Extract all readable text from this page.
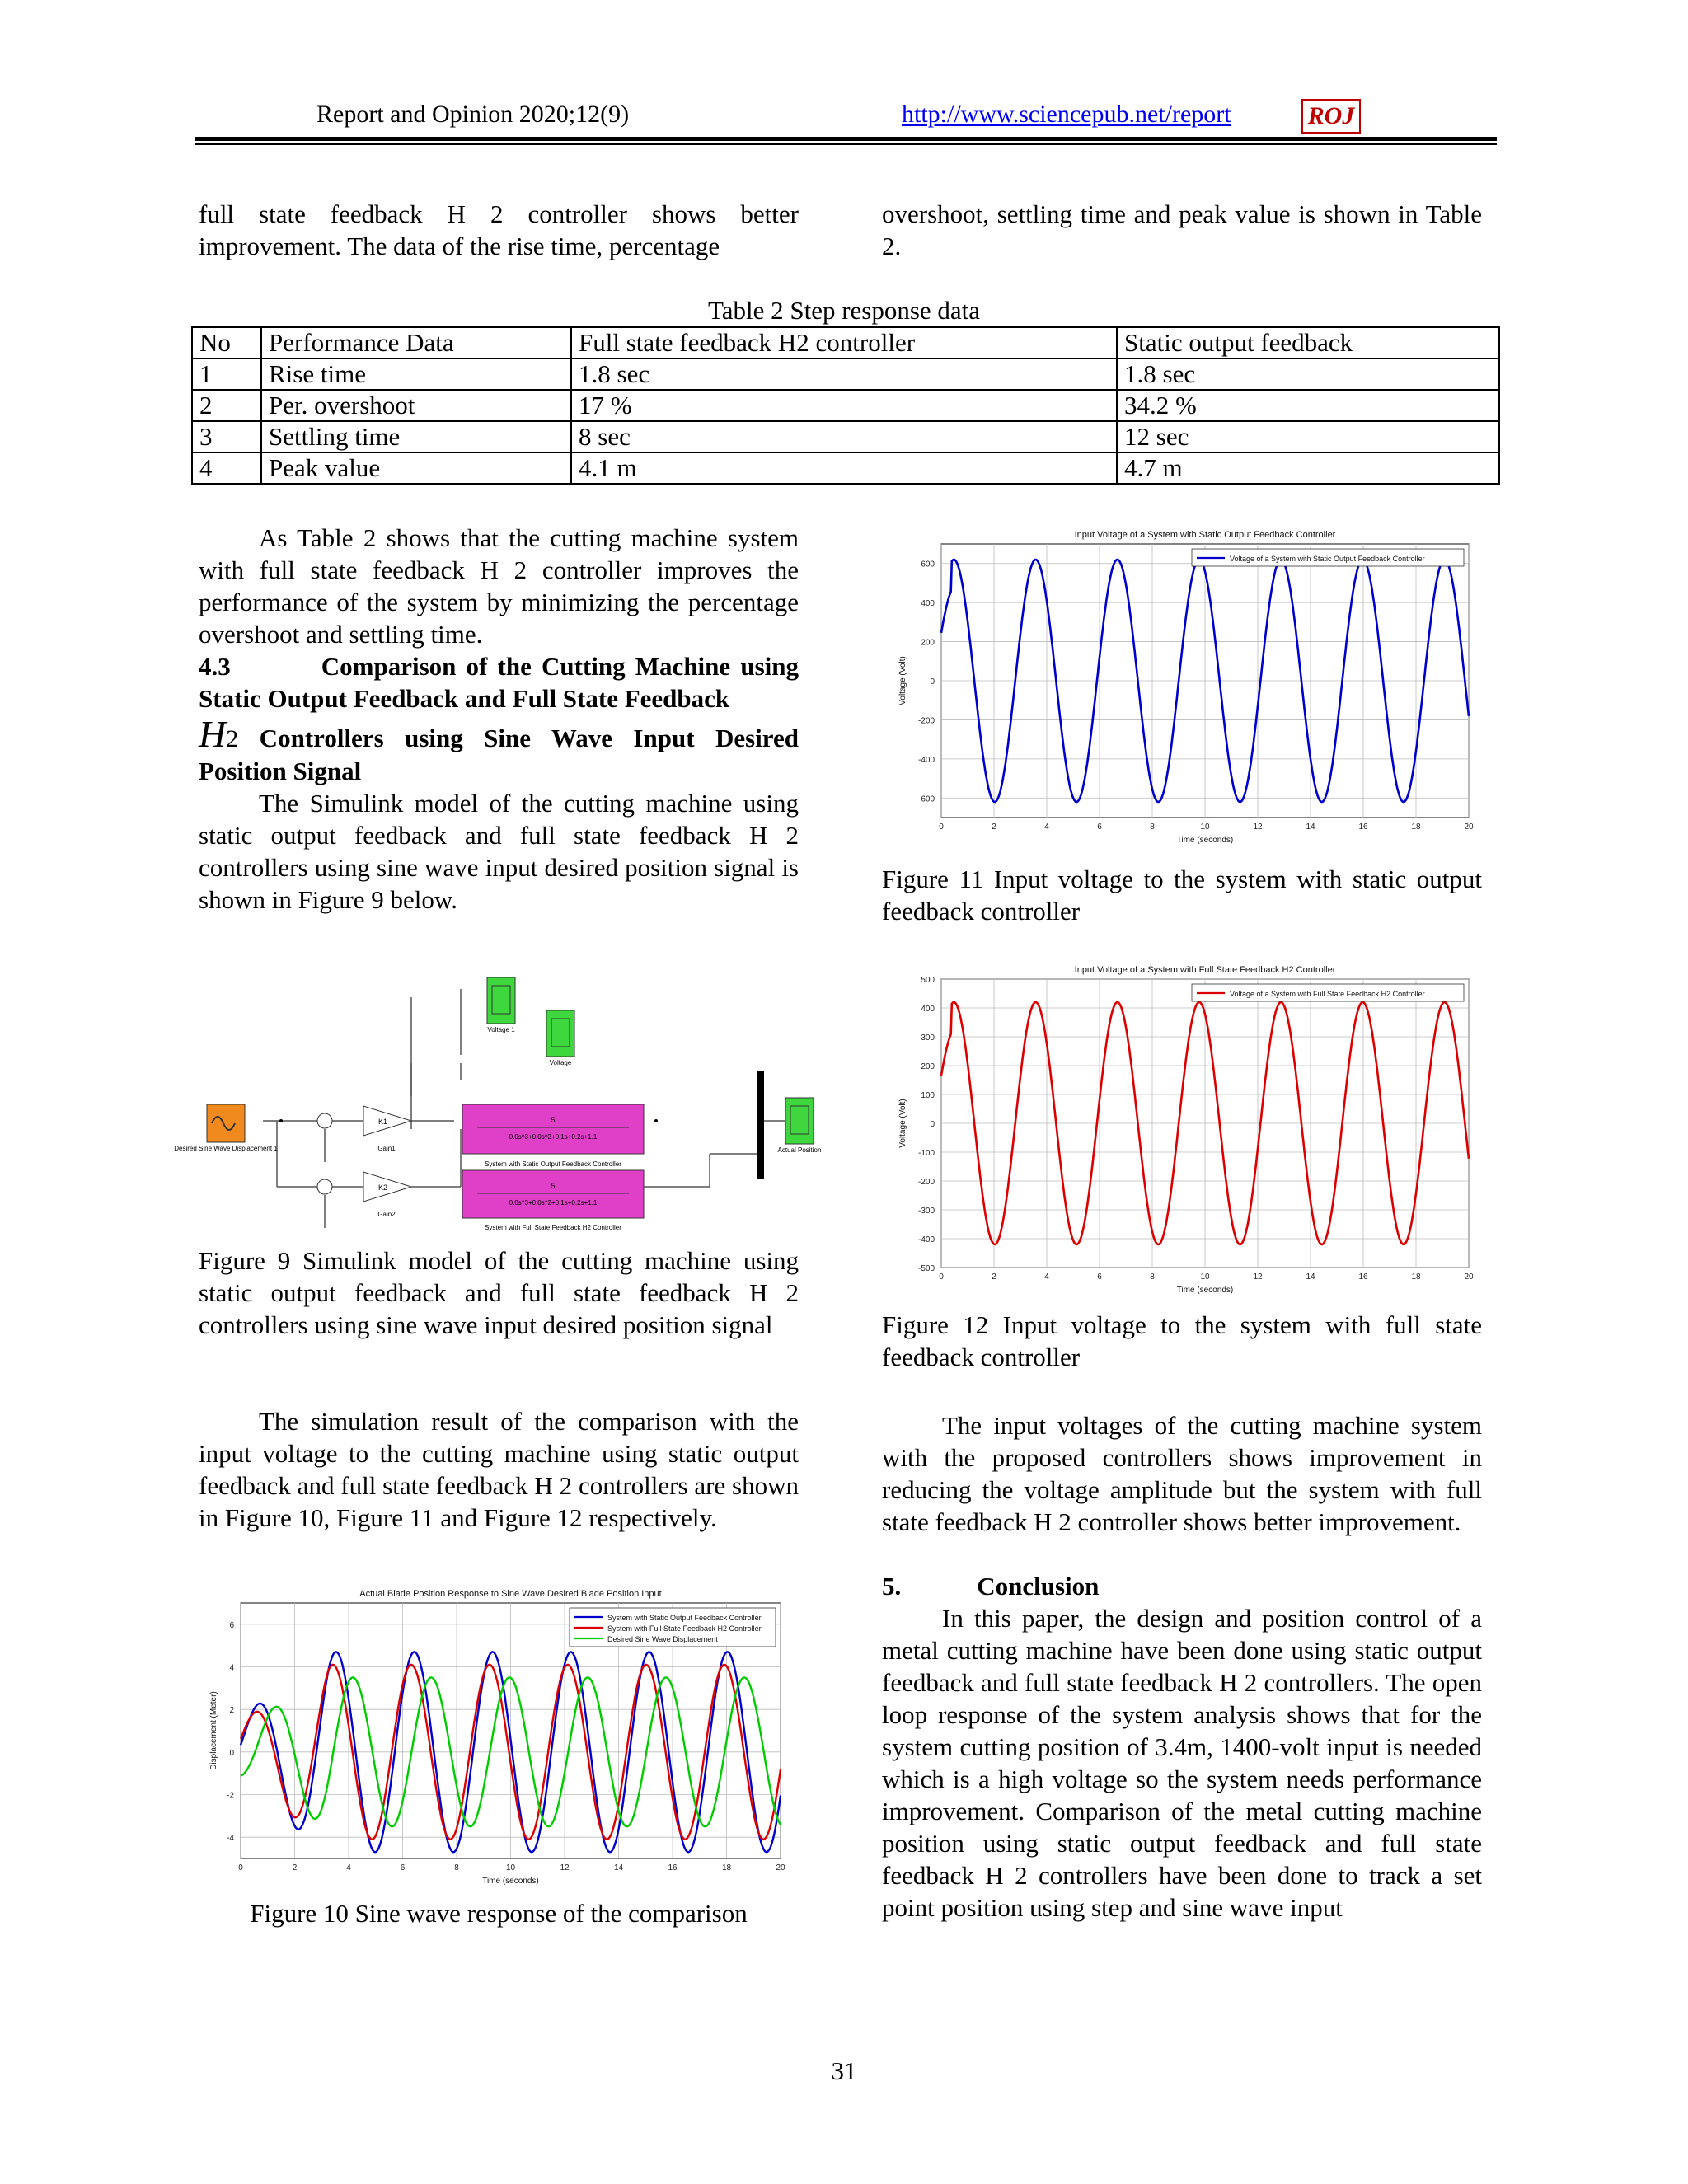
Report and Opinion 2020;12(9)	http://www.sciencepub.net/report	ROJ

full state feedback H 2 controller shows better improvement. The data of the rise time, percentage

overshoot, settling time and peak value is shown in Table 2.

Table 2 Step response data
No	Performance Data	Full state feedback H2 controller	Static output feedback
1	Rise time	1.8 sec	1.8 sec
2	Per. overshoot	17 %	34.2 %
3	Settling time	8 sec	12 sec
4	Peak value	4.1 m	4.7 m

As Table 2 shows that the cutting machine system with full state feedback H 2 controller improves the performance of the system by minimizing the percentage overshoot and settling time.

4.3	Comparison of the Cutting Machine using Static Output Feedback and Full State Feedback

H2 Controllers using Sine Wave Input Desired Position Signal

The Simulink model of the cutting machine using static output feedback and full state feedback H 2 controllers using sine wave input desired position signal is shown in Figure 9 below.

Desired Sine Wave Displacement 1
K1
Gain1
K2
Gain2
Voltage 1
Voltage
5
0.0s^3+0.0s^2+0.1s+0.2s+1.1
System with Static Output Feedback Controller
5
0.0s^3+0.0s^2+0.1s+0.2s+1.1
System with Full State Feedback H2 Controller
Actual Position

Figure 9 Simulink model of the cutting machine using static output feedback and full state feedback H 2 controllers using sine wave input desired position signal

The simulation result of the comparison with the input voltage to the cutting machine using static output feedback and full state feedback H 2 controllers are shown in Figure 10, Figure 11 and Figure 12 respectively.

0	2	4	6	8	10	12	14	16	18	20
-4
-2
0
2
4
6
Actual Blade Position Response to Sine Wave Desired Blade Position Input
Time (seconds)
Displacement (Meter)
System with Static Output Feedback Controller
System with Full State Feedback H2 Controller
Desired Sine Wave Displacement
Figure 10 Sine wave response of the comparison
0	2	4	6	8	10	12	14	16	18	20
-600
-400
-200
0
200
400
600
Input Voltage of a System with Static Output Feedback Controller
Time (seconds)
Voltage (Volt)
Voltage of a System with Static Output Feedback Controller

Figure 11 Input voltage to the system with static output feedback controller

0	2	4	6	8	10	12	14	16	18	20
-500
-400
-300
-200
-100
0
100
200
300
400
500
Input Voltage of a System with Full State Feedback H2 Controller
Time (seconds)
Voltage (Volt)
Voltage of a System with Full State Feedback H2 Controller

Figure 12 Input voltage to the system with full state feedback controller

The input voltages of the cutting machine system with the proposed controllers shows improvement in reducing the voltage amplitude but the system with full state feedback H 2 controller shows better improvement.

5.	Conclusion

In this paper, the design and position control of a metal cutting machine have been done using static output feedback and full state feedback H 2 controllers. The open loop response of the system analysis shows that for the system cutting position of 3.4m, 1400-volt input is needed which is a high voltage so the system needs performance improvement. Comparison of the metal cutting machine position using static output feedback and full state feedback H 2 controllers have been done to track a set point position using step and sine wave input

31
